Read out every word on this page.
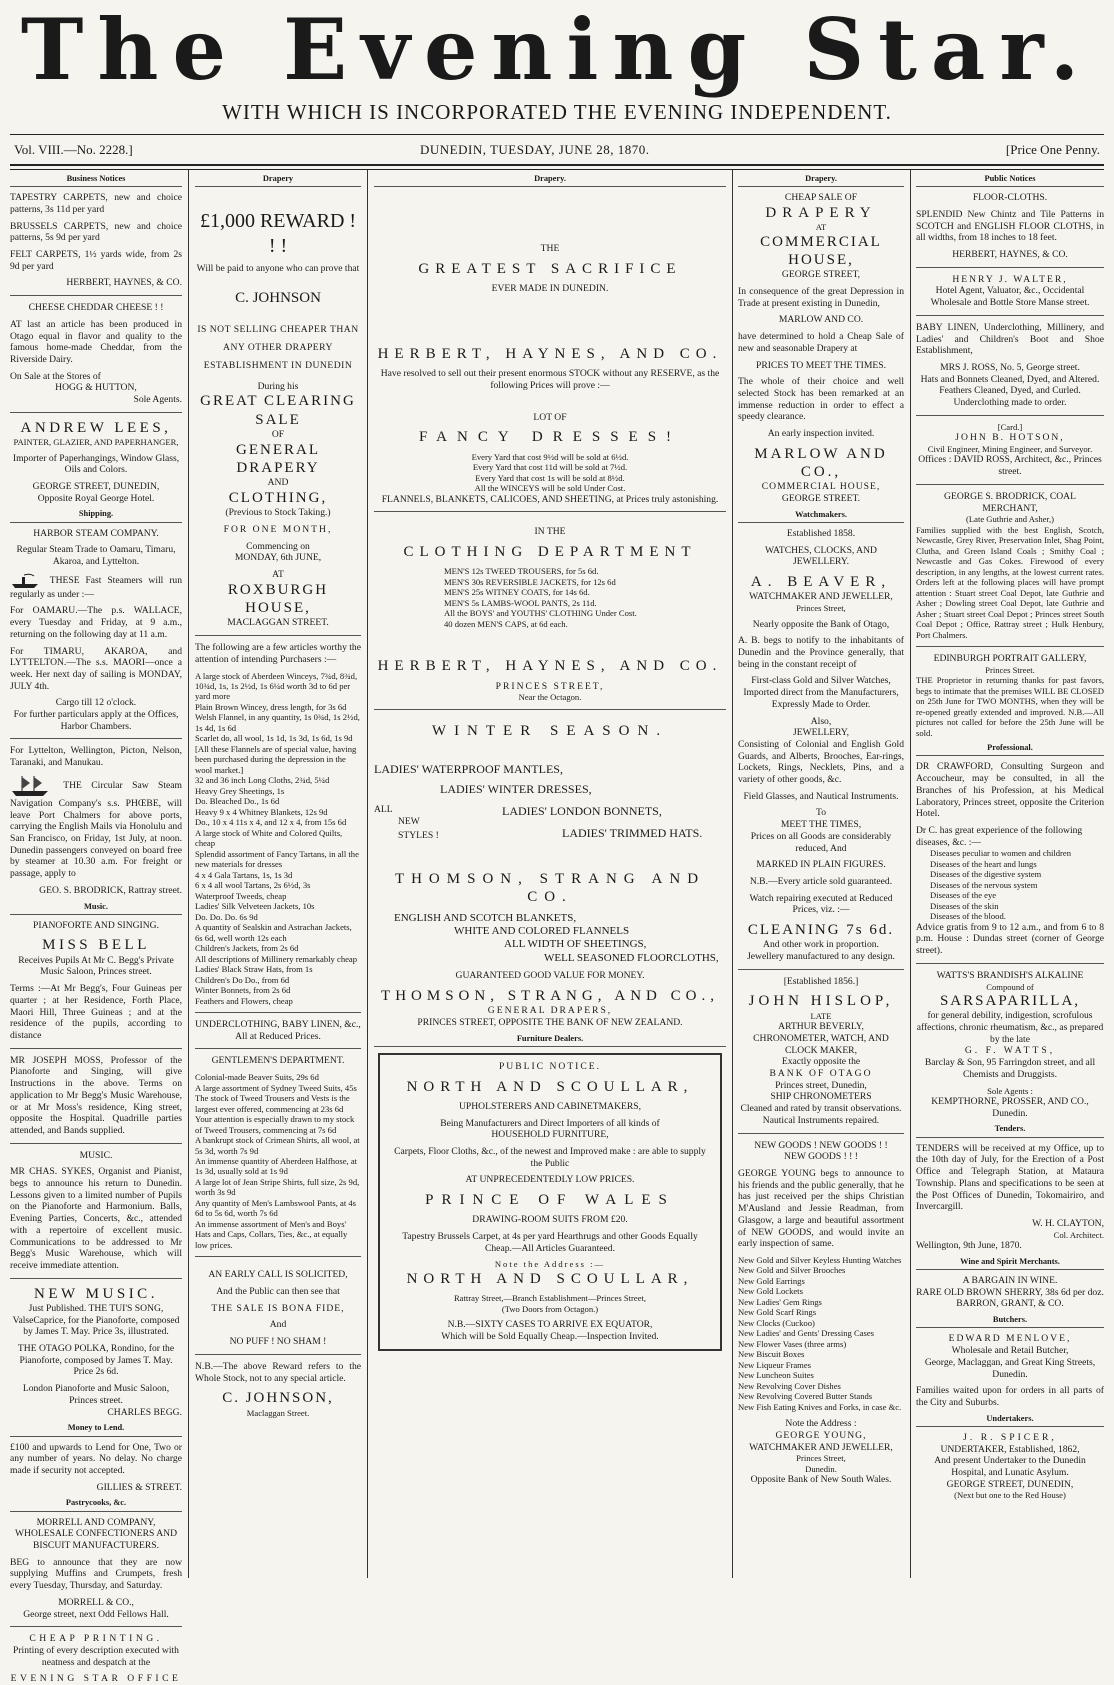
The Evening Star.
WITH WHICH IS INCORPORATED THE EVENING INDEPENDENT.
Vol. VIII.—No. 2228.]	DUNEDIN, TUESDAY, JUNE 28, 1870.	[Price One Penny.
Business Notices

TAPESTRY CARPETS, new and choice patterns, 3s 11d per yard

BRUSSELS CARPETS, new and choice patterns, 5s 9d per yard

FELT CARPETS, 1½ yards wide, from 2s 9d per yard

HERBERT, HAYNES, & CO.

CHEESE CHEDDAR CHEESE ! !

AT last an article has been produced in Otago equal in flavor and quality to the famous home-made Cheddar, from the Riverside Dairy.

On Sale at the Stores of

HOGG & HUTTON,

Sole Agents.

ANDREW LEES,

PAINTER, GLAZIER, AND PAPERHANGER,

Importer of Paperhangings, Window Glass, Oils and Colors.

GEORGE STREET, DUNEDIN,

Opposite Royal George Hotel.

Shipping.

HARBOR STEAM COMPANY.

Regular Steam Trade to Oamaru, Timaru, Akaroa, and Lyttelton.

THESE Fast Steamers will run regularly as under :—

For OAMARU.—The p.s. WALLACE, every Tuesday and Friday, at 9 a.m., returning on the following day at 11 a.m.

For TIMARU, AKAROA, and LYTTELTON.—The s.s. MAORI—once a week. Her next day of sailing is MONDAY, JULY 4th.

Cargo till 12 o'clock.

For further particulars apply at the Offices, Harbor Chambers.

For Lyttelton, Wellington, Picton, Nelson, Taranaki, and Manukau.

THE Circular Saw Steam Navigation Company's s.s. PHŒBE, will leave Port Chalmers for above ports, carrying the English Mails via Honolulu and San Francisco, on Friday, 1st July, at noon. Dunedin passengers conveyed on board free by steamer at 10.30 a.m. For freight or passage, apply to

GEO. S. BRODRICK, Rattray street.

Music.

PIANOFORTE AND SINGING.

MISS BELL

Receives Pupils At Mr C. Begg's Private Music Saloon, Princes street.

Terms :—At Mr Begg's, Four Guineas per quarter ; at her Residence, Forth Place, Maori Hill, Three Guineas ; and at the residence of the pupils, according to distance

MR JOSEPH MOSS, Professor of the Pianoforte and Singing, will give Instructions in the above. Terms on application to Mr Begg's Music Warehouse, or at Mr Moss's residence, King street, opposite the Hospital. Quadrille parties attended, and Bands supplied.

MUSIC.

MR CHAS. SYKES, Organist and Pianist, begs to announce his return to Dunedin. Lessons given to a limited number of Pupils on the Pianoforte and Harmonium. Balls, Evening Parties, Concerts, &c., attended with a repertoire of excellent music. Communications to be addressed to Mr Begg's Music Warehouse, which will receive immediate attention.

NEW MUSIC.

Just Published. THE TUI'S SONG, ValseCaprice, for the Pianoforte, composed by James T. May. Price 3s, illustrated.

THE OTAGO POLKA, Rondino, for the Pianoforte, composed by James T. May. Price 2s 6d.

London Pianoforte and Music Saloon, Princes street.

CHARLES BEGG.

Money to Lend.

£100 and upwards to Lend for One, Two or any number of years. No delay. No charge made if security not accepted.

GILLIES & STREET.

Pastrycooks, &c.

MORRELL AND COMPANY, WHOLESALE CONFECTIONERS AND BISCUIT MANUFACTURERS.

BEG to announce that they are now supplying Muffins and Crumpets, fresh every Tuesday, Thursday, and Saturday.

MORRELL & CO.,

George street, next Odd Fellows Hall.

CHEAP PRINTING.

Printing of every description executed with neatness and despatch at the

EVENING STAR OFFICE

Drapery

£1,000 REWARD ! ! !

Will be paid to anyone who can prove that

C. JOHNSON

IS NOT SELLING CHEAPER THAN ANY OTHER DRAPERY ESTABLISHMENT IN DUNEDIN

During his

GREAT CLEARING SALE

OF

GENERAL DRAPERY

AND

CLOTHING,

(Previous to Stock Taking.)

FOR ONE MONTH,

Commencing on

MONDAY, 6th JUNE,

AT

ROXBURGH HOUSE,

MACLAGGAN STREET.

The following are a few articles worthy the attention of intending Purchasers :—

A large stock of Aberdeen Winceys, 7¾d, 8¾d, 10¾d, 1s, 1s 2½d, 1s 6¼d worth 3d to 6d per yard more

Plain Brown Wincey, dress length, for 3s 6d

Welsh Flannel, in any quantity, 1s 0¾d, 1s 2½d, 1s 4d, 1s 6d

Scarlet do, all wool, 1s 1d, 1s 3d, 1s 6d, 1s 9d

[All these Flannels are of special value, having been purchased during the depression in the wool market.]

32 and 36 inch Long Cloths, 2¾d, 5¼d

Heavy Grey Sheetings, 1s

Do. Bleached Do., 1s 6d

Heavy 9 x 4 Whitney Blankets, 12s 9d

Do., 10 x 4 11s x 4, and 12 x 4, from 15s 6d

A large stock of White and Colored Quilts, cheap

Splendid assortment of Fancy Tartans, in all the new materials for dresses

4 x 4 Gala Tartans, 1s, 1s 3d

6 x 4 all wool Tartans, 2s 6½d, 3s

Waterproof Tweeds, cheap

Ladies' Silk Velveteen Jackets, 10s

Do. Do. Do. 6s 9d

A quantity of Sealskin and Astrachan Jackets, 6s 6d, well worth 12s each

Children's Jackets, from 2s 6d

All descriptions of Millinery remarkably cheap

Ladies' Black Straw Hats, from 1s

Children's Do Do., from 6d

Winter Bonnets, from 2s 6d

Feathers and Flowers, cheap

UNDERCLOTHING, BABY LINEN, &c., All at Reduced Prices.

GENTLEMEN'S DEPARTMENT.

Colonial-made Beaver Suits, 29s 6d

A large assortment of Sydney Tweed Suits, 45s

The stock of Tweed Trousers and Vests is the largest ever offered, commencing at 23s 6d

Your attention is especially drawn to my stock of Tweed Trousers, commencing at 7s 6d

A bankrupt stock of Crimean Shirts, all wool, at 5s 3d, worth 7s 9d

An immense quantity of Aberdeen Halfhose, at 1s 3d, usually sold at 1s 9d

A large lot of Jean Stripe Shirts, full size, 2s 9d, worth 3s 9d

Any quantity of Men's Lambswool Pants, at 4s 6d to 5s 6d, worth 7s 6d

An immense assortment of Men's and Boys' Hats and Caps, Collars, Ties, &c., at equally low prices.

AN EARLY CALL IS SOLICITED,

And the Public can then see that

THE SALE IS BONA FIDE,

And

NO PUFF ! NO SHAM !

N.B.—The above Reward refers to the Whole Stock, not to any special article.

C. JOHNSON,

Maclaggan Street.

Drapery.

THE

GREATEST SACRIFICE

EVER MADE IN DUNEDIN.

HERBERT, HAYNES, AND CO.

Have resolved to sell out their present enormous STOCK without any RESERVE, as the following Prices will prove :—

LOT OF

FANCY DRESSES!

Every Yard that cost 9½d will be sold at 6½d.

Every Yard that cost 11d will be sold at 7½d.

Every Yard that cost 1s will be sold at 8½d.

All the WINCEYS will be sold Under Cost.

FLANNELS, BLANKETS, CALICOES, AND SHEETING, at Prices truly astonishing.

IN THE

CLOTHING DEPARTMENT

MEN'S 12s TWEED TROUSERS, for 5s 6d.

MEN'S 30s REVERSIBLE JACKETS, for 12s 6d

MEN'S 25s WITNEY COATS, for 14s 6d.

MEN'S 5s LAMBS-WOOL PANTS, 2s 11d.

All the BOYS' and YOUTHS' CLOTHING Under Cost.

40 dozen MEN'S CAPS, at 6d each.

HERBERT, HAYNES, AND CO.

PRINCES STREET,

Near the Octagon.

WINTER SEASON.

LADIES' WATERPROOF MANTLES,
LADIES' WINTER DRESSES,
ALL
NEW
STYLES !
LADIES' LONDON BONNETS,
LADIES' TRIMMED HATS.

THOMSON, STRANG AND CO.

ENGLISH AND SCOTCH BLANKETS,

WHITE AND COLORED FLANNELS

ALL WIDTH OF SHEETINGS,

WELL SEASONED FLOORCLOTHS,

GUARANTEED GOOD VALUE FOR MONEY.

THOMSON, STRANG, AND CO.,

GENERAL DRAPERS,

PRINCES STREET, OPPOSITE THE BANK OF NEW ZEALAND.

Furniture Dealers.

PUBLIC NOTICE.

NORTH AND SCOULLAR,

UPHOLSTERERS AND CABINETMAKERS,

Being Manufacturers and Direct Importers of all kinds of

HOUSEHOLD FURNITURE,

Carpets, Floor Cloths, &c., of the newest and Improved make : are able to supply the Public

AT UNPRECEDENTEDLY LOW PRICES.

PRINCE OF WALES

DRAWING-ROOM SUITS FROM £20.

Tapestry Brussels Carpet, at 4s per yard Hearthrugs and other Goods Equally Cheap.—All Articles Guaranteed.

Note the Address :—

NORTH AND SCOULLAR,

Rattray Street,—Branch Establishment—Princes Street,

(Two Doors from Octagon.)

N.B.—SIXTY CASES TO ARRIVE EX EQUATOR,

Which will be Sold Equally Cheap.—Inspection Invited.

Drapery.

CHEAP SALE OF

DRAPERY

AT

COMMERCIAL HOUSE,

GEORGE STREET,

In consequence of the great Depression in Trade at present existing in Dunedin,

MARLOW AND CO.

have determined to hold a Cheap Sale of new and seasonable Drapery at

PRICES TO MEET THE TIMES.

The whole of their choice and well selected Stock has been remarked at an immense reduction in order to effect a speedy clearance.

An early inspection invited.

MARLOW AND CO.,

COMMERCIAL HOUSE,

GEORGE STREET.

Watchmakers.

Established 1858.

WATCHES, CLOCKS, AND JEWELLERY.

A. BEAVER,

WATCHMAKER AND JEWELLER,

Princes Street,

Nearly opposite the Bank of Otago,

A. B. begs to notify to the inhabitants of Dunedin and the Province generally, that being in the constant receipt of

First-class Gold and Silver Watches, Imported direct from the Manufacturers, Expressly Made to Order.

Also,

JEWELLERY,

Consisting of Colonial and English Gold Guards, and Alberts, Brooches, Ear-rings, Lockets, Rings, Necklets, Pins, and a variety of other goods, &c.

Field Glasses, and Nautical Instruments.

To

MEET THE TIMES,

Prices on all Goods are considerably reduced, And

MARKED IN PLAIN FIGURES.

N.B.—Every article sold guaranteed.

Watch repairing executed at Reduced Prices, viz. :—

CLEANING 7s 6d.

And other work in proportion.

Jewellery manufactured to any design.

[Established 1856.]

JOHN HISLOP,

LATE

ARTHUR BEVERLY,

CHRONOMETER, WATCH, AND CLOCK MAKER,

Exactly opposite the

BANK OF OTAGO

Princes street, Dunedin,

SHIP CHRONOMETERS

Cleaned and rated by transit observations. Nautical Instruments repaired.

NEW GOODS ! NEW GOODS ! !

NEW GOODS ! ! !

GEORGE YOUNG begs to announce to his friends and the public generally, that he has just received per the ships Christian M'Ausland and Jessie Readman, from Glasgow, a large and beautiful assortment of NEW GOODS, and would invite an early inspection of same.

New Gold and Silver Keyless Hunting Watches

New Gold and Silver Brooches

New Gold Earrings

New Gold Lockets

New Ladies' Gem Rings

New Gold Scarf Rings

New Clocks (Cuckoo)

New Ladies' and Gents' Dressing Cases

New Flower Vases (three arms)

New Biscuit Boxes

New Liqueur Frames

New Luncheon Suites

New Revolving Cover Dishes

New Revolving Covered Butter Stands

New Fish Eating Knives and Forks, in case &c.

Note the Address :

GEORGE YOUNG,

WATCHMAKER AND JEWELLER,

Princes Street,

Dunedin.

Opposite Bank of New South Wales.

Public Notices

FLOOR-CLOTHS.

SPLENDID New Chintz and Tile Patterns in SCOTCH and ENGLISH FLOOR CLOTHS, in all widths, from 18 inches to 18 feet.

HERBERT, HAYNES, & CO.

HENRY J. WALTER,

Hotel Agent, Valuator, &c., Occidental Wholesale and Bottle Store Manse street.

BABY LINEN, Underclothing, Millinery, and Ladies' and Children's Boot and Shoe Establishment,

MRS J. ROSS, No. 5, George street.

Hats and Bonnets Cleaned, Dyed, and Altered.

Feathers Cleaned, Dyed, and Curled. Underclothing made to order.

[Card.]

JOHN B. HOTSON,

Civil Engineer, Mining Engineer, and Surveyor.

Offices : DAVID ROSS, Architect, &c., Princes street.

GEORGE S. BRODRICK, COAL MERCHANT,

(Late Guthrie and Asher,)

Families supplied with the best English, Scotch, Newcastle, Grey River, Preservation Inlet, Shag Point, Clutha, and Green Island Coals ; Smithy Coal ; Newcastle and Gas Cokes. Firewood of every description, in any lengths, at the lowest current rates. Orders left at the following places will have prompt attention : Stuart street Coal Depot, late Guthrie and Asher ; Dowling street Coal Depot, late Guthrie and Asher ; Stuart street Coal Depot ; Princes street South Coal Depot ; Office, Rattray street ; Hulk Henbury, Port Chalmers.

EDINBURGH PORTRAIT GALLERY,

Princes Street.

THE Proprietor in returning thanks for past favors, begs to intimate that the premises WILL BE CLOSED on 25th June for TWO MONTHS, when they will be re-opened greatly extended and improved. N.B.—All pictures not called for before the 25th June will be sold.

Professional.

DR CRAWFORD, Consulting Surgeon and Accoucheur, may be consulted, in all the Branches of his Profession, at his Medical Laboratory, Princes street, opposite the Criterion Hotel.

Dr C. has great experience of the following diseases, &c. :—

Diseases peculiar to women and children

Diseases of the heart and lungs

Diseases of the digestive system

Diseases of the nervous system

Diseases of the eye

Diseases of the skin

Diseases of the blood.

Advice gratis from 9 to 12 a.m., and from 6 to 8 p.m. House : Dundas street (corner of George street).

WATTS'S BRANDISH'S ALKALINE

Compound of

SARSAPARILLA,

for general debility, indigestion, scrofulous affections, chronic rheumatism, &c., as prepared by the late

G. F. WATTS,

Barclay & Son, 95 Farringdon street, and all Chemists and Druggists.

Sole Agents :

KEMPTHORNE, PROSSER, AND CO., Dunedin.

Tenders.

TENDERS will be received at my Office, up to the 10th day of July, for the Erection of a Post Office and Telegraph Station, at Mataura Township. Plans and specifications to be seen at the Post Offices of Dunedin, Tokomairiro, and Invercargill.

W. H. CLAYTON,

Col. Architect.

Wellington, 9th June, 1870.

Wine and Spirit Merchants.

A BARGAIN IN WINE.

RARE OLD BROWN SHERRY, 38s 6d per doz.

BARRON, GRANT, & CO.

Butchers.

EDWARD MENLOVE,

Wholesale and Retail Butcher,

George, Maclaggan, and Great King Streets, Dunedin.

Families waited upon for orders in all parts of the City and Suburbs.

Undertakers.

J. R. SPICER,

UNDERTAKER, Established, 1862,

And present Undertaker to the Dunedin Hospital, and Lunatic Asylum.

GEORGE STREET, DUNEDIN,

(Next but one to the Red House)
